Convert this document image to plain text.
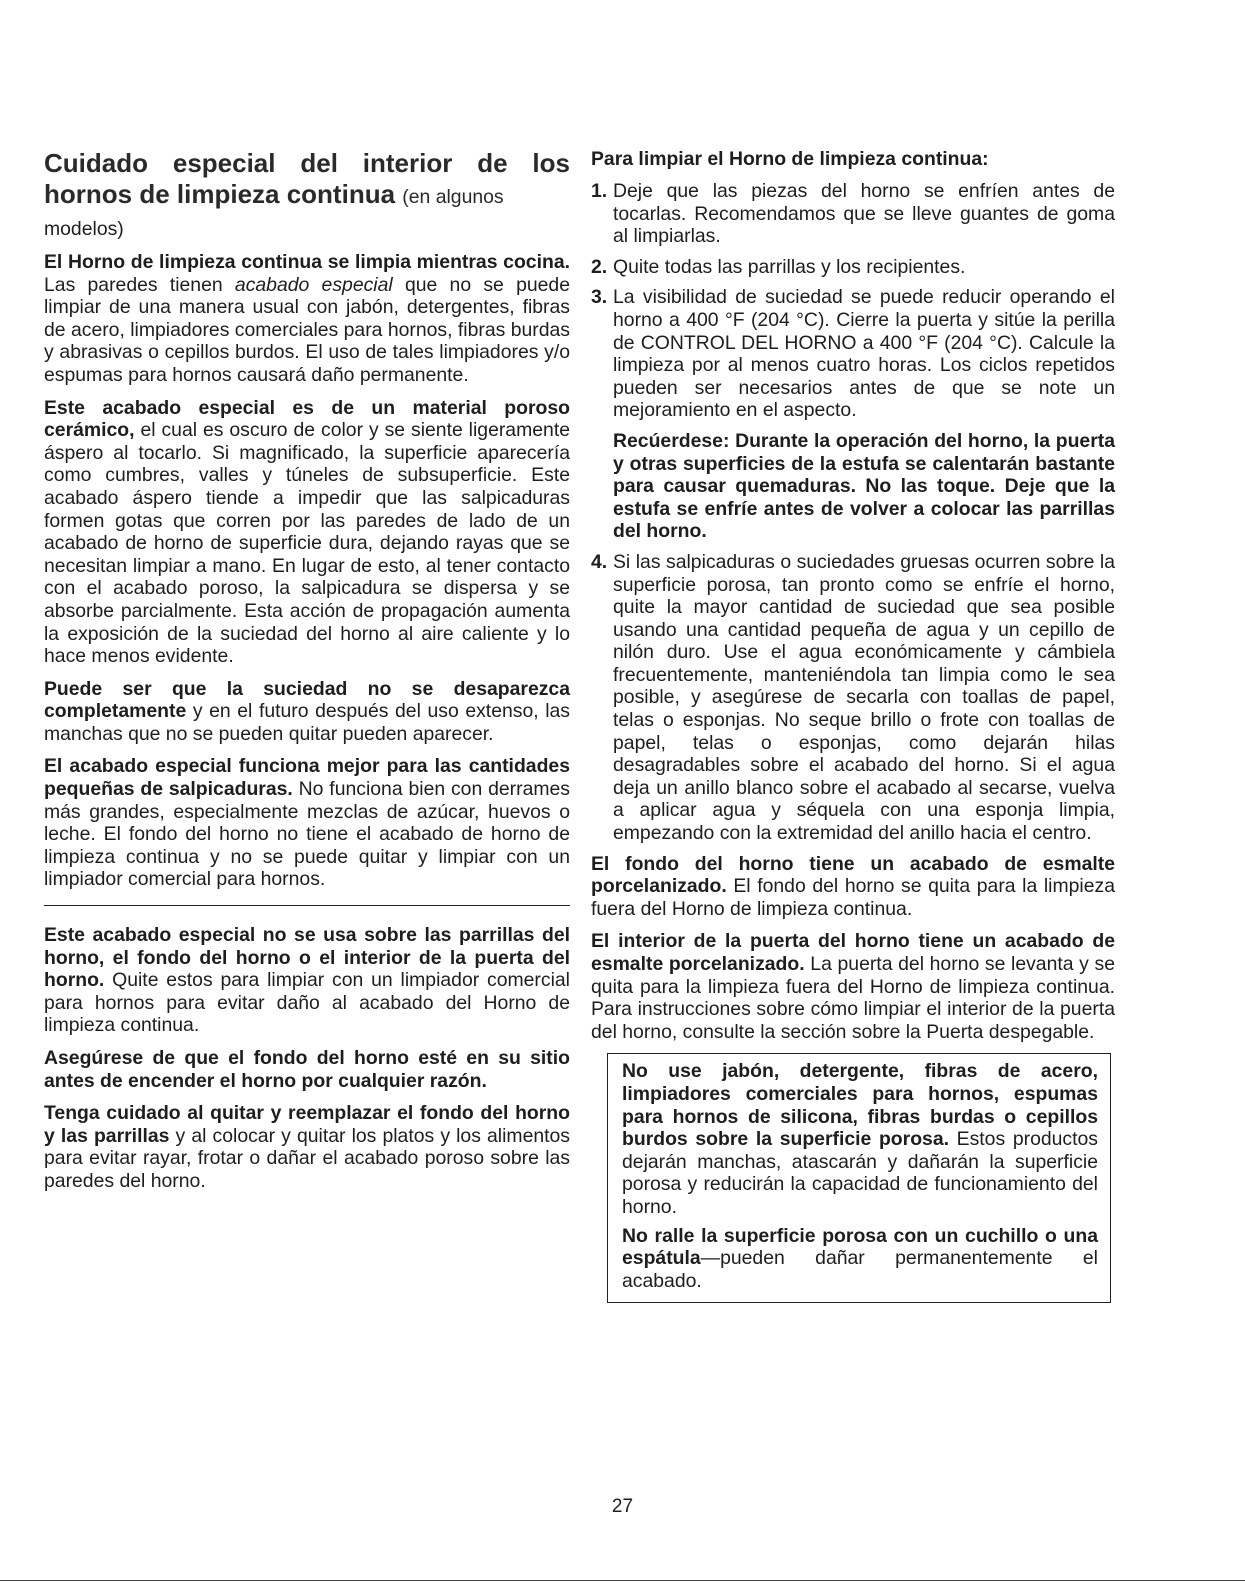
Cuidado especial del interior de los hornos de limpieza continua (en algunos
modelos)

El Horno de limpieza continua se limpia mientras cocina. Las paredes tienen acabado especial que no se puede limpiar de una manera usual con jabón, detergentes, fibras de acero, limpiadores comerciales para hornos, fibras burdas y abrasivas o cepillos burdos. El uso de tales limpiadores y/o espumas para hornos causará daño permanente.

Este acabado especial es de un material poroso cerámico, el cual es oscuro de color y se siente ligeramente áspero al tocarlo. Si magnificado, la superficie aparecería como cumbres, valles y túneles de subsuperficie. Este acabado áspero tiende a impedir que las salpicaduras formen gotas que corren por las paredes de lado de un acabado de horno de superficie dura, dejando rayas que se necesitan limpiar a mano. En lugar de esto, al tener contacto con el acabado poroso, la salpicadura se dispersa y se absorbe parcialmente. Esta acción de propagación aumenta la exposición de la suciedad del horno al aire caliente y lo hace menos evidente.

Puede ser que la suciedad no se desaparezca completamente y en el futuro después del uso extenso, las manchas que no se pueden quitar pueden aparecer.

El acabado especial funciona mejor para las cantidades pequeñas de salpicaduras. No funciona bien con derrames más grandes, especialmente mezclas de azúcar, huevos o leche. El fondo del horno no tiene el acabado de horno de limpieza continua y no se puede quitar y limpiar con un limpiador comercial para hornos.

Este acabado especial no se usa sobre las parrillas del horno, el fondo del horno o el interior de la puerta del horno. Quite estos para limpiar con un limpiador comercial para hornos para evitar daño al acabado del Horno de limpieza continua.

Asegúrese de que el fondo del horno esté en su sitio antes de encender el horno por cualquier razón.

Tenga cuidado al quitar y reemplazar el fondo del horno y las parrillas y al colocar y quitar los platos y los alimentos para evitar rayar, frotar o dañar el acabado poroso sobre las paredes del horno.

Para limpiar el Horno de limpieza continua:
1. Deje que las piezas del horno se enfríen antes de tocarlas. Recomendamos que se lleve guantes de goma al limpiarlas.

2. Quite todas las parrillas y los recipientes.

3. La visibilidad de suciedad se puede reducir operando el horno a 400 °F (204 °C). Cierre la puerta y sitúe la perilla de CONTROL DEL HORNO a 400 °F (204 °C). Calcule la limpieza por al menos cuatro horas. Los ciclos repetidos pueden ser necesarios antes de que se note un mejoramiento en el aspecto.

Recúerdese: Durante la operación del horno, la puerta y otras superficies de la estufa se calentarán bastante para causar quemaduras. No las toque. Deje que la estufa se enfríe antes de volver a colocar las parrillas del horno.

4. Si las salpicaduras o suciedades gruesas ocurren sobre la superficie porosa, tan pronto como se enfríe el horno, quite la mayor cantidad de suciedad que sea posible usando una cantidad pequeña de agua y un cepillo de nilón duro. Use el agua económicamente y cámbiela frecuentemente, manteniéndola tan limpia como le sea posible, y asegúrese de secarla con toallas de papel, telas o esponjas. No seque brillo o frote con toallas de papel, telas o esponjas, como dejarán hilas desagradables sobre el acabado del horno. Si el agua deja un anillo blanco sobre el acabado al secarse, vuelva a aplicar agua y séquela con una esponja limpia, empezando con la extremidad del anillo hacia el centro.

El fondo del horno tiene un acabado de esmalte porcelanizado. El fondo del horno se quita para la limpieza fuera del Horno de limpieza continua.

El interior de la puerta del horno tiene un acabado de esmalte porcelanizado. La puerta del horno se levanta y se quita para la limpieza fuera del Horno de limpieza continua. Para instrucciones sobre cómo limpiar el interior de la puerta del horno, consulte la sección sobre la Puerta despegable.

No use jabón, detergente, fibras de acero, limpiadores comerciales para hornos, espumas para hornos de silicona, fibras burdas o cepillos burdos sobre la superficie porosa. Estos productos dejarán manchas, atascarán y dañarán la superficie porosa y reducirán la capacidad de funcionamiento del horno.

No ralle la superficie porosa con un cuchillo o una espátula—pueden dañar permanentemente el acabado.

27
